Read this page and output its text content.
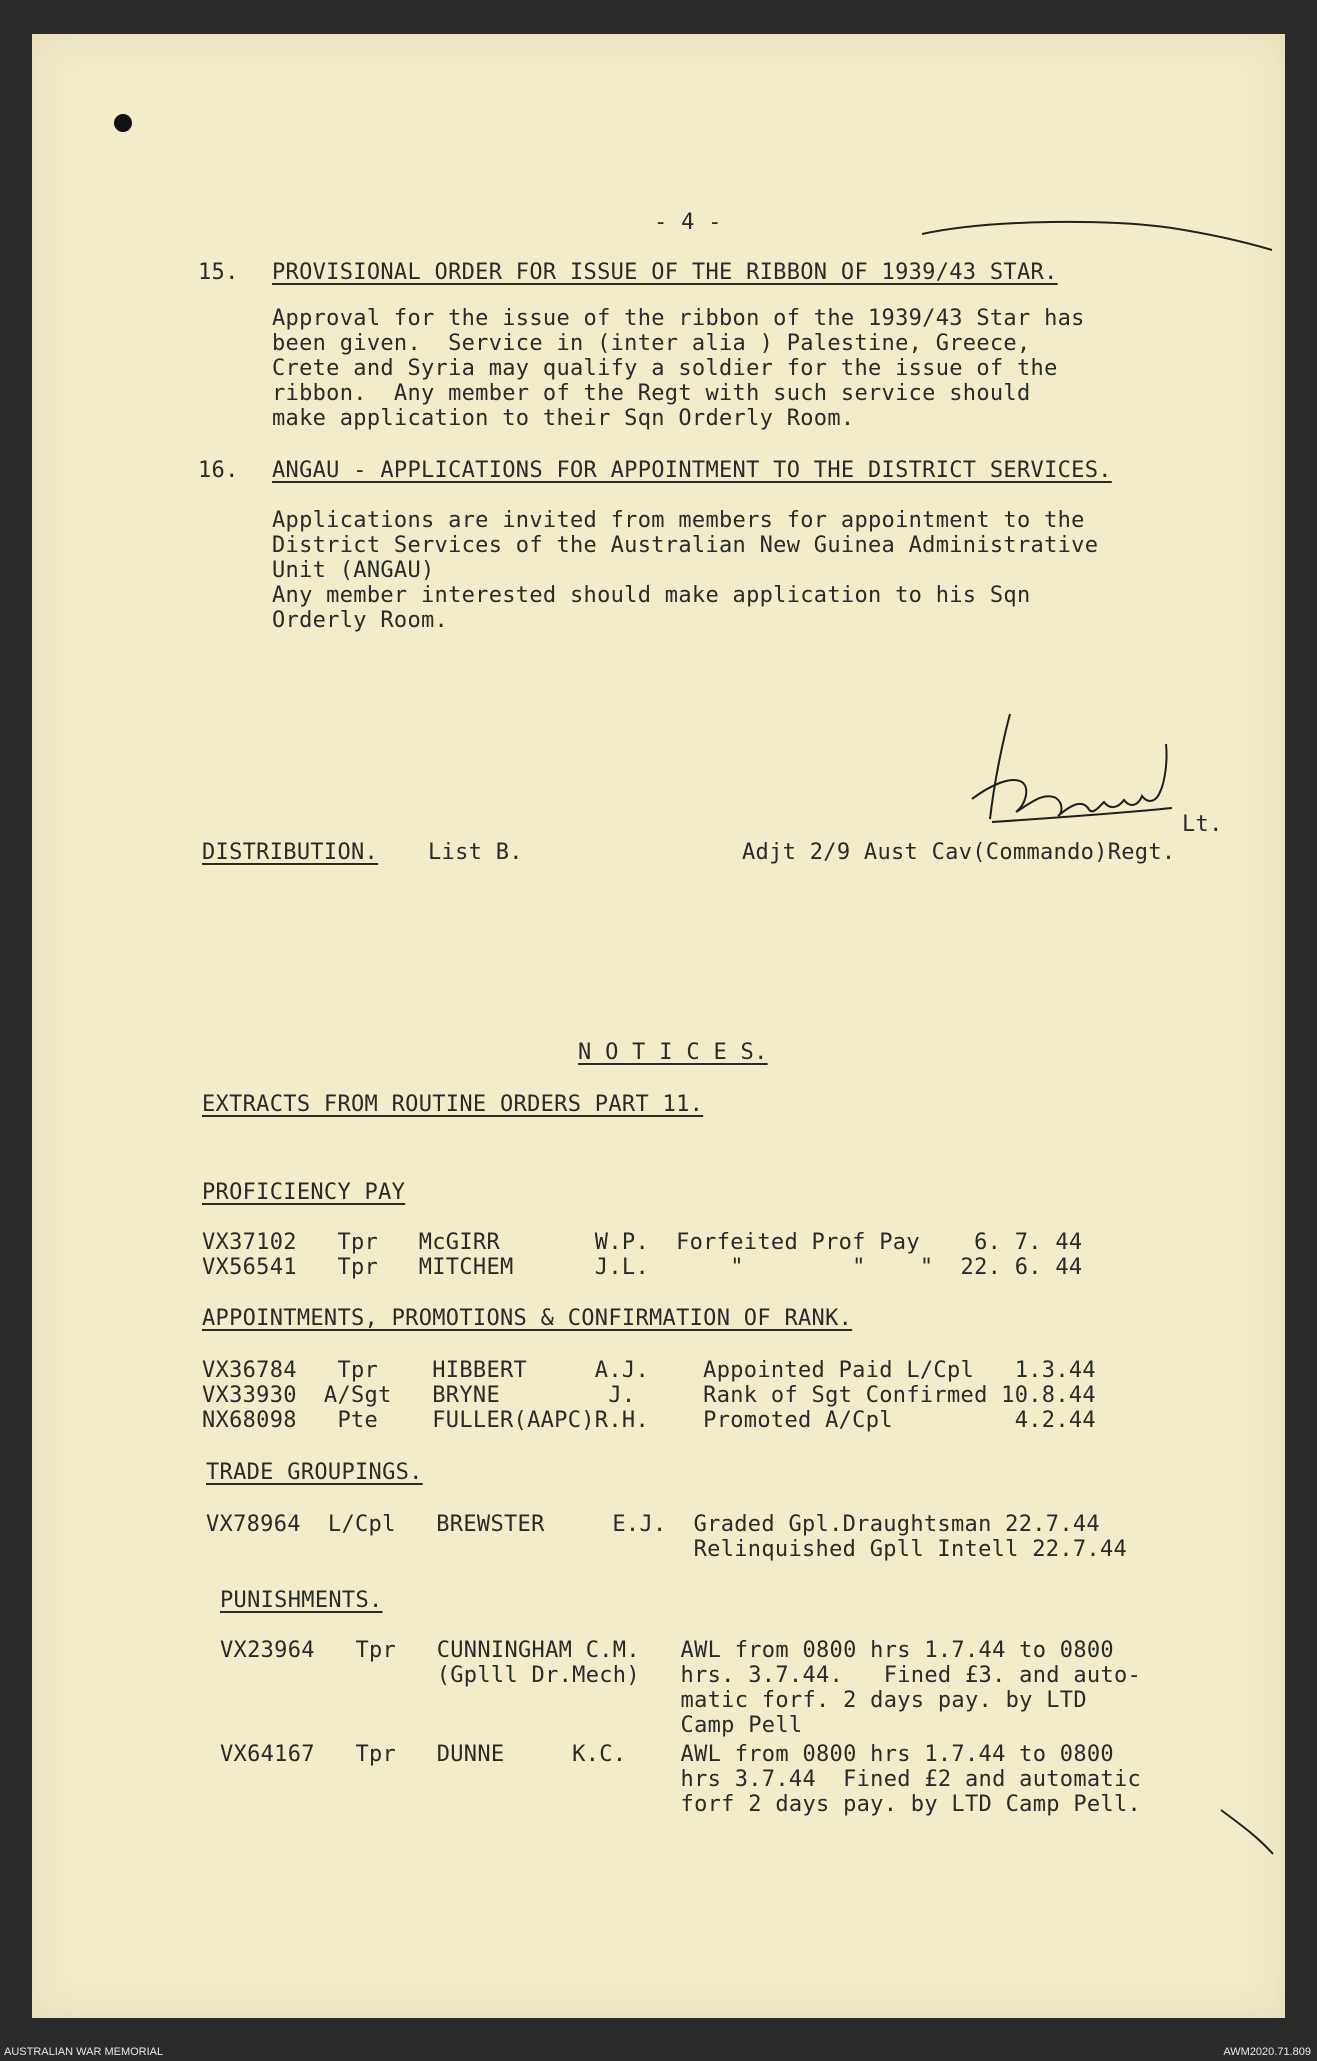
- 4 -
15. PROVISIONAL ORDER FOR ISSUE OF THE RIBBON OF 1939/43 STAR.
Approval for the issue of the ribbon of the 1939/43 Star has
been given.  Service in (inter alia ) Palestine, Greece,
Crete and Syria may qualify a soldier for the issue of the
ribbon.  Any member of the Regt with such service should
make application to their Sqn Orderly Room.
16. ANGAU - APPLICATIONS FOR APPOINTMENT TO THE DISTRICT SERVICES.
Applications are invited from members for appointment to the
District Services of the Australian New Guinea Administrative
Unit (ANGAU)
Any member interested should make application to his Sqn
Orderly Room.
Lt.
Adjt 2/9 Aust Cav(Commando)Regt.
DISTRIBUTION. List B.
N O T I C E S.
EXTRACTS FROM ROUTINE ORDERS PART 11.
PROFICIENCY PAY
VX37102   Tpr   McGIRR       W.P.  Forfeited Prof Pay    6. 7. 44
VX56541   Tpr   MITCHEM      J.L.      "        "    "  22. 6. 44
APPOINTMENTS, PROMOTIONS & CONFIRMATION OF RANK.
VX36784   Tpr    HIBBERT     A.J.    Appointed Paid L/Cpl   1.3.44
VX33930  A/Sgt   BRYNE        J.     Rank of Sgt Confirmed 10.8.44
NX68098   Pte    FULLER(AAPC)R.H.    Promoted A/Cpl         4.2.44
TRADE GROUPINGS.
VX78964  L/Cpl   BREWSTER     E.J.  Graded Gpl.Draughtsman 22.7.44
Relinquished Gpll Intell 22.7.44
PUNISHMENTS.
VX23964   Tpr   CUNNINGHAM C.M.   AWL from 0800 hrs 1.7.44 to 0800
(Gplll Dr.Mech)   hrs. 3.7.44.   Fined £3. and auto-
matic forf. 2 days pay. by LTD
Camp Pell
VX64167   Tpr   DUNNE     K.C.    AWL from 0800 hrs 1.7.44 to 0800
hrs 3.7.44  Fined £2 and automatic
forf 2 days pay. by LTD Camp Pell.
AUSTRALIAN WAR MEMORIAL	AWM2020.71.809
